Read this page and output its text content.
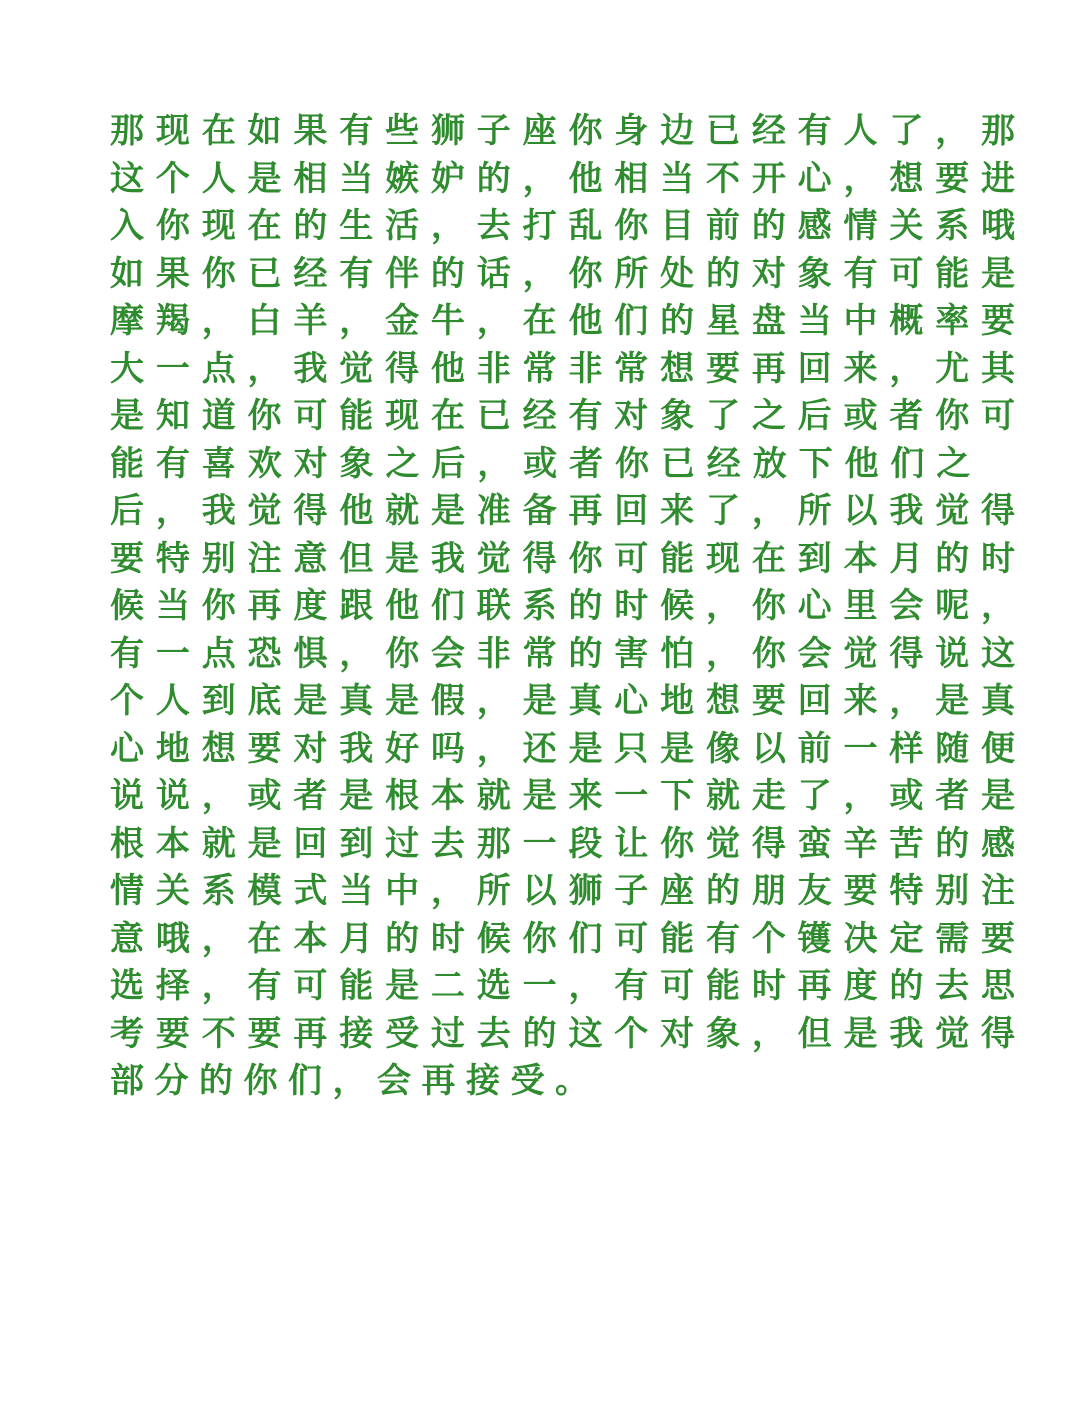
那 现 在 如 果 有 些 狮 子 座 你 身 边 已 经 有 人 了 ， 那
这 个 人 是 相 当 嫉 妒 的 ， 他 相 当 不 开 心 ， 想 要 进
入 你 现 在 的 生 活 ， 去 打 乱 你 目 前 的 感 情 关 系 哦
如 果 你 已 经 有 伴 的 话 ， 你 所 处 的 对 象 有 可 能 是
摩 羯 ， 白 羊 ， 金 牛 ， 在 他 们 的 星 盘 当 中 概 率 要
大 一 点 ， 我 觉 得 他 非 常 非 常 想 要 再 回 来 ， 尤 其
是 知 道 你 可 能 现 在 已 经 有 对 象 了 之 后 或 者 你 可
能 有 喜 欢 对 象 之 后 ， 或 者 你 已 经 放 下 他 们 之
后 ， 我 觉 得 他 就 是 准 备 再 回 来 了 ， 所 以 我 觉 得
要 特 别 注 意 但 是 我 觉 得 你 可 能 现 在 到 本 月 的 时
候 当 你 再 度 跟 他 们 联 系 的 时 候 ， 你 心 里 会 呢 ，
有 一 点 恐 惧 ， 你 会 非 常 的 害 怕 ， 你 会 觉 得 说 这
个 人 到 底 是 真 是 假 ， 是 真 心 地 想 要 回 来 ， 是 真
心 地 想 要 对 我 好 吗 ， 还 是 只 是 像 以 前 一 样 随 便
说 说 ， 或 者 是 根 本 就 是 来 一 下 就 走 了 ， 或 者 是
根 本 就 是 回 到 过 去 那 一 段 让 你 觉 得 蛮 辛 苦 的 感
情 关 系 模 式 当 中 ， 所 以 狮 子 座 的 朋 友 要 特 别 注
意 哦 ， 在 本 月 的 时 候 你 们 可 能 有 个 镬 决 定 需 要
选 择 ， 有 可 能 是 二 选 一 ， 有 可 能 时 再 度 的 去 思
考 要 不 要 再 接 受 过 去 的 这 个 对 象 ， 但 是 我 觉 得
部分的你们，会再接受。
